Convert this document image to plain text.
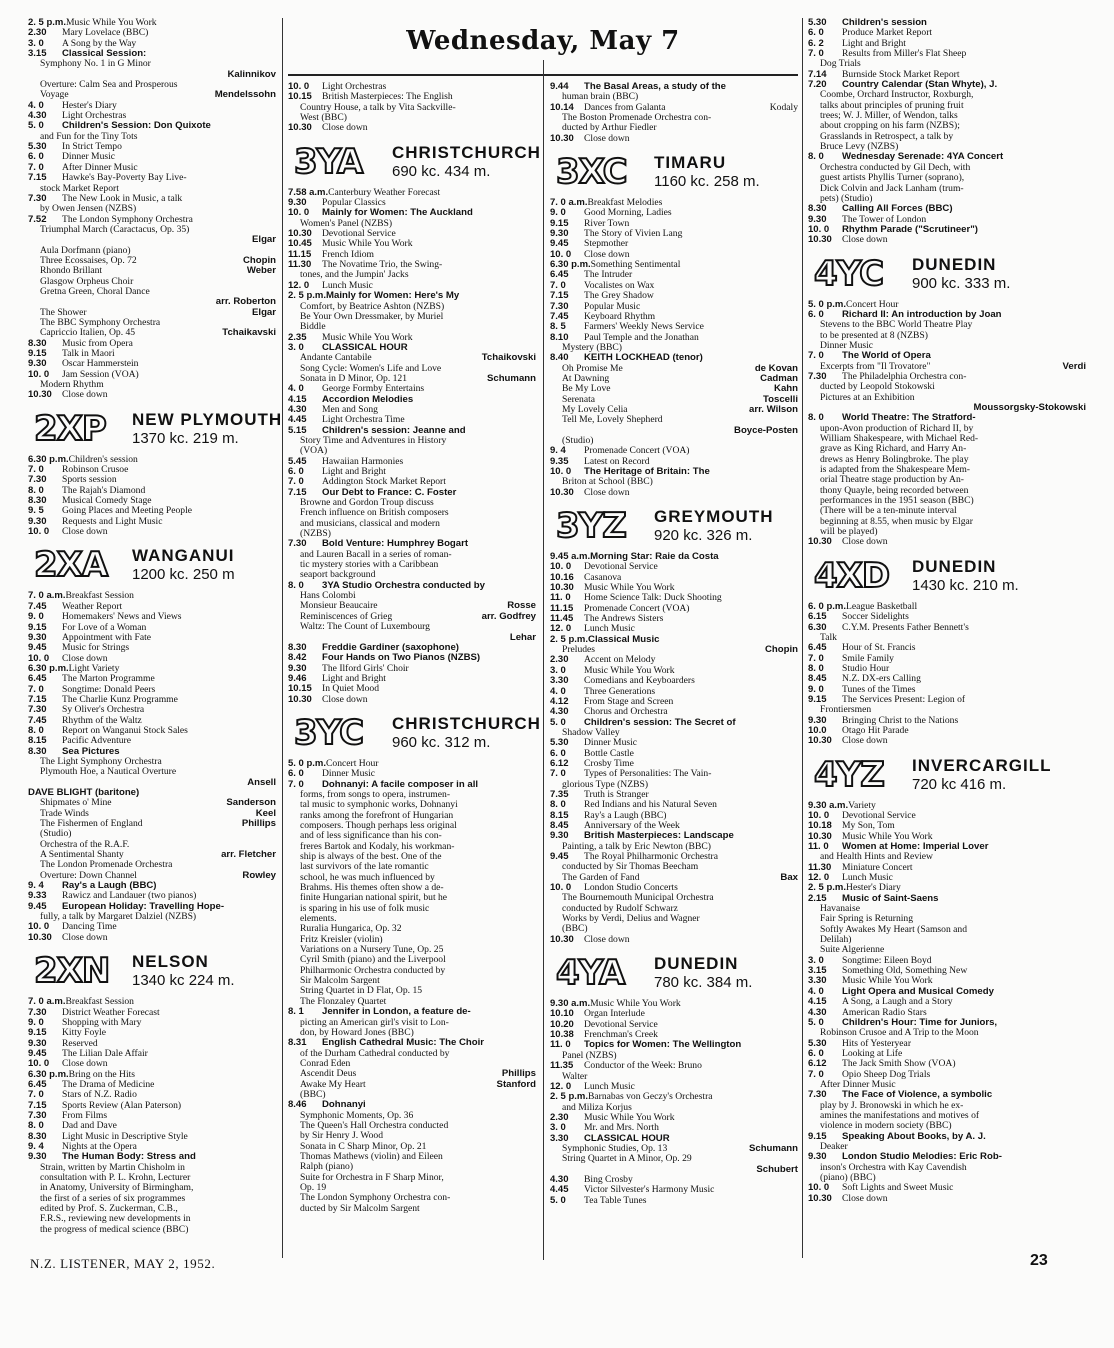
Wednesday, May 7
2. 5 p.m. Music While You Work
2.30	Mary Lovelace (BBC)
3. 0	A Song by the Way
3.15	Classical Session:
Symphony No. 1 in G Minor
Kalinnikov
Overture: Calm Sea and Prosperous
Voyage	Mendelssohn
4. 0	Hester's Diary
4.30	Light Orchestras
5. 0	Children's Session: Don Quixote
and Fun for the Tiny Tots
5.30	In Strict Tempo
6. 0	Dinner Music
7. 0	After Dinner Music
7.15	Hawke's Bay-Poverty Bay Live-
stock Market Report
7.30	The New Look in Music, a talk
by Owen Jensen (NZBS)
7.52	The London Symphony Orchestra
Triumphal March (Caractacus, Op. 35)
Elgar
Aula Dorfmann (piano)
Three Ecossaises, Op. 72	Chopin
Rhondo Brillant	Weber
Glasgow Orpheus Choir
Gretna Green, Choral Dance
arr. Roberton
The Shower	Elgar
The BBC Symphony Orchestra
Capriccio Italien, Op. 45	Tchaikavski
8.30	Music from Opera
9.15	Talk in Maori
9.30	Oscar Hammerstein
10. 0	Jam Session (VOA)
Modern Rhythm
10.30	Close down
2XP NEW PLYMOUTH
1370 kc. 219 m.
6.30 p.m. Children's session
7. 0	Robinson Crusoe
7.30	Sports session
8. 0	The Rajah's Diamond
8.30	Musical Comedy Stage
9. 5	Going Places and Meeting People
9.30	Requests and Light Music
10. 0	Close down
2XA WANGANUI
1200 kc. 250 m
7. 0 a.m. Breakfast Session
7.45	Weather Report
9. 0	Homemakers' News and Views
9.15	For Love of a Woman
9.30	Appointment with Fate
9.45	Music for Strings
10. 0	Close down
6.30 p.m. Light Variety
6.45	The Marton Programme
7. 0	Songtime: Donald Peers
7.15	The Charlie Kunz Programme
7.30	Sy Oliver's Orchestra
7.45	Rhythm of the Waltz
8. 0	Report on Wanganui Stock Sales
8.15	Pacific Adventure
8.30	Sea Pictures
The Light Symphony Orchestra
Plymouth Hoe, a Nautical Overture
Ansell
DAVE BLIGHT (baritone)
Shipmates o' Mine	Sanderson
Trade Winds	Keel
The Fishermen of England	Phillips
(Studio)
Orchestra of the R.A.F.
A Sentimental Shanty	arr. Fletcher
The London Promenade Orchestra
Overture: Down Channel	Rowley
9. 4	Ray's a Laugh (BBC)
9.33	Rawicz and Landauer (two pianos)
9.45	European Holiday: Travelling Hope-
fully, a talk by Margaret Dalziel (NZBS)
10. 0	Dancing Time
10.30	Close down
2XN NELSON
1340 kc 224 m.
7. 0 a.m. Breakfast Session
7.30	District Weather Forecast
9. 0	Shopping with Mary
9.15	Kitty Foyle
9.30	Reserved
9.45	The Lilian Dale Affair
10. 0	Close down
6.30 p.m. Bring on the Hits
6.45	The Drama of Medicine
7. 0	Stars of N.Z. Radio
7.15	Sports Review (Alan Paterson)
7.30	From Films
8. 0	Dad and Dave
8.30	Light Music in Descriptive Style
9. 4	Nights at the Opera
9.30	The Human Body: Stress and
Strain, written by Martin Chisholm in
consultation with P. L. Krohn, Lecturer
in Anatomy, University of Birmingham,
the first of a series of six programmes
edited by Prof. S. Zuckerman, C.B.,
F.R.S., reviewing new developments in
the progress of medical science (BBC)
10. 0	Light Orchestras
10.15	British Masterpieces: The English
Country House, a talk by Vita Sackville-
West (BBC)
10.30	Close down
3YA CHRISTCHURCH
690 kc. 434 m.
7.58 a.m. Canterbury Weather Forecast
9.30	Popular Classics
10. 0	Mainly for Women: The Auckland
Women's Panel (NZBS)
10.30	Devotional Service
10.45	Music While You Work
11.15	French Idiom
11.30	The Novatime Trio, the Swing-
tones, and the Jumpin' Jacks
12. 0	Lunch Music
2. 5 p.m. Mainly for Women: Here's My
Comfort, by Beatrice Ashton (NZBS)
Be Your Own Dressmaker, by Muriel
Biddle
2.35	Music While You Work
3. 0	CLASSICAL HOUR
Andante Cantabile	Tchaikovski
Song Cycle: Women's Life and Love
Sonata in D Minor, Op. 121	Schumann
4. 0	George Formby Entertains
4.15	Accordion Melodies
4.30	Men and Song
4.45	Light Orchestra Time
5.15	Children's session: Jeanne and
Story Time and Adventures in History
(VOA)
5.45	Hawaiian Harmonies
6. 0	Light and Bright
7. 0	Addington Stock Market Report
7.15	Our Debt to France: C. Foster
Browne and Gordon Troup discuss
French influence on British composers
and musicians, classical and modern
(NZBS)
7.30	Bold Venture: Humphrey Bogart
and Lauren Bacall in a series of roman-
tic mystery stories with a Caribbean
seaport background
8. 0	3YA Studio Orchestra conducted by
Hans Colombi
Monsieur Beaucaire	Rosse
Reminiscences of Grieg	arr. Godfrey
Waltz: The Count of Luxembourg
Lehar
8.30	Freddie Gardiner (saxophone)
8.42	Four Hands on Two Pianos (NZBS)
9.30	The Ilford Girls' Choir
9.46	Light and Bright
10.15	In Quiet Mood
10.30	Close down
3YC CHRISTCHURCH
960 kc. 312 m.
5. 0 p.m. Concert Hour
6. 0	Dinner Music
7. 0	Dohnanyi: A facile composer in all
forms, from songs to opera, instrumen-
tal music to symphonic works, Dohnanyi
ranks among the forefront of Hungarian
composers. Though perhaps less original
and of less significance than his con-
freres Bartok and Kodaly, his workman-
ship is always of the best. One of the
last survivors of the late romantic
school, he was much influenced by
Brahms. His themes often show a de-
finite Hungarian national spirit, but he
is sparing in his use of folk music
elements.
Ruralia Hungarica, Op. 32
Fritz Kreisler (violin)
Variations on a Nursery Tune, Op. 25
Cyril Smith (piano) and the Liverpool
Philharmonic Orchestra conducted by
Sir Malcolm Sargent
String Quartet in D Flat, Op. 15
The Flonzaley Quartet
8. 1	Jennifer in London, a feature de-
picting an American girl's visit to Lon-
don, by Howard Jones (BBC)
8.31	English Cathedral Music: The Choir
of the Durham Cathedral conducted by
Conrad Eden
Ascendit Deus	Phillips
Awake My Heart	Stanford
(BBC)
8.46	Dohnanyi
Symphonic Moments, Op. 36
The Queen's Hall Orchestra conducted
by Sir Henry J. Wood
Sonata in C Sharp Minor, Op. 21
Thomas Mathews (violin) and Eileen
Ralph (piano)
Suite for Orchestra in F Sharp Minor,
Op. 19
The London Symphony Orchestra con-
ducted by Sir Malcolm Sargent
9.44	The Basal Areas, a study of the
human brain (BBC)
10.14	Dances from Galanta	Kodaly
The Boston Promenade Orchestra con-
ducted by Arthur Fiedler
10.30	Close down
3XC TIMARU
1160 kc. 258 m.
7. 0 a.m. Breakfast Melodies
9. 0	Good Morning, Ladies
9.15	River Town
9.30	The Story of Vivien Lang
9.45	Stepmother
10. 0	Close down
6.30 p.m. Something Sentimental
6.45	The Intruder
7. 0	Vocalistes on Wax
7.15	The Grey Shadow
7.30	Popular Music
7.45	Keyboard Rhythm
8. 5	Farmers' Weekly News Service
8.10	Paul Temple and the Jonathan
Mystery (BBC)
8.40	KEITH LOCKHEAD (tenor)
Oh Promise Me	de Kovan
At Dawning	Cadman
Be My Love	Kahn
Serenata	Toscelli
My Lovely Celia	arr. Wilson
Tell Me, Lovely Shepherd
Boyce-Posten
(Studio)
9. 4	Promenade Concert (VOA)
9.35	Latest on Record
10. 0	The Heritage of Britain: The
Briton at School (BBC)
10.30	Close down
3YZ GREYMOUTH
920 kc. 326 m.
9.45 a.m. Morning Star: Raie da Costa
10. 0	Devotional Service
10.16	Casanova
10.30	Music While You Work
11. 0	Home Science Talk: Duck Shooting
11.15	Promenade Concert (VOA)
11.45	The Andrews Sisters
12. 0	Lunch Music
2. 5 p.m. Classical Music
Preludes	Chopin
2.30	Accent on Melody
3. 0	Music While You Work
3.30	Comedians and Keyboarders
4. 0	Three Generations
4.12	From Stage and Screen
4.30	Chorus and Orchestra
5. 0	Children's session: The Secret of
Shadow Valley
5.30	Dinner Music
6. 0	Bottle Castle
6.12	Crosby Time
7. 0	Types of Personalities: The Vain-
glorious Type (NZBS)
7.35	Truth is Stranger
8. 0	Red Indians and his Natural Seven
8.15	Ray's a Laugh (BBC)
8.45	Anniversary of the Week
9.30	British Masterpieces: Landscape
Painting, a talk by Eric Newton (BBC)
9.45	The Royal Philharmonic Orchestra
conducted by Sir Thomas Beecham
The Garden of Fand	Bax
10. 0	London Studio Concerts
The Bournemouth Municipal Orchestra
conducted by Rudolf Schwarz
Works by Verdi, Delius and Wagner
(BBC)
10.30	Close down
4YA DUNEDIN
780 kc. 384 m.
9.30 a.m. Music While You Work
10.10	Organ Interlude
10.20	Devotional Service
10.38	Frenchman's Creek
11. 0	Topics for Women: The Wellington
Panel (NZBS)
11.35	Conductor of the Week: Bruno
Walter
12. 0	Lunch Music
2. 5 p.m. Barnabas von Geczy's Orchestra
and Miliza Korjus
2.30	Music While You Work
3. 0	Mr. and Mrs. North
3.30	CLASSICAL HOUR
Symphonic Studies, Op. 13	Schumann
String Quartet in A Minor, Op. 29
Schubert
4.30	Bing Crosby
4.45	Victor Silvester's Harmony Music
5. 0	Tea Table Tunes
5.30	Children's session
6. 0	Produce Market Report
6. 2	Light and Bright
7. 0	Results from Miller's Flat Sheep
Dog Trials
7.14	Burnside Stock Market Report
7.20	Country Calendar (Stan Whyte), J.
Coombe, Orchard Instructor, Roxburgh,
talks about principles of pruning fruit
trees; W. J. Miller, of Wendon, talks
about cropping on his farm (NZBS);
Grasslands in Retrospect, a talk by
Bruce Levy (NZBS)
8. 0	Wednesday Serenade: 4YA Concert
Orchestra conducted by Gil Dech, with
guest artists Phyllis Turner (soprano),
Dick Colvin and Jack Lanham (trum-
pets) (Studio)
8.30	Calling All Forces (BBC)
9.30	The Tower of London
10. 0	Rhythm Parade ("Scrutineer")
10.30	Close down
4YC DUNEDIN
900 kc. 333 m.
5. 0 p.m. Concert Hour
6. 0	Richard II: An introduction by Joan
Stevens to the BBC World Theatre Play
to be presented at 8 (NZBS)
Dinner Music
7. 0	The World of Opera
Excerpts from "Il Trovatore"	Verdi
7.30	The Philadelphia Orchestra con-
ducted by Leopold Stokowski
Pictures at an Exhibition
Moussorgsky-Stokowski
8. 0	World Theatre: The Stratford-
upon-Avon production of Richard II, by
William Shakespeare, with Michael Red-
grave as King Richard, and Harry An-
drews as Henry Bolingbroke. The play
is adapted from the Shakespeare Mem-
orial Theatre stage production by An-
thony Quayle, being recorded between
performances in the 1951 season (BBC)
(There will be a ten-minute interval
beginning at 8.55, when music by Elgar
will be played)
10.30	Close down
4XD DUNEDIN
1430 kc. 210 m.
6. 0 p.m. League Basketball
6.15	Soccer Sidelights
6.30	C.Y.M. Presents Father Bennett's
Talk
6.45	Hour of St. Francis
7. 0	Smile Family
8. 0	Studio Hour
8.45	N.Z. DX-ers Calling
9. 0	Tunes of the Times
9.15	The Services Present: Legion of
Frontiersmen
9.30	Bringing Christ to the Nations
10.0	Otago Hit Parade
10.30	Close down
4YZ INVERCARGILL
720 kc 416 m.
9.30 a.m. Variety
10. 0	Devotional Service
10.18	My Son, Tom
10.30	Music While You Work
11. 0	Women at Home: Imperial Lover
and Health Hints and Review
11.30	Miniature Concert
12. 0	Lunch Music
2. 5 p.m. Hester's Diary
2.15	Music of Saint-Saens
Havanaise
Fair Spring is Returning
Softly Awakes My Heart (Samson and
Delilah)
Suite Algerienne
3. 0	Songtime: Eileen Boyd
3.15	Something Old, Something New
3.30	Music While You Work
4. 0	Light Opera and Musical Comedy
4.15	A Song, a Laugh and a Story
4.30	American Radio Stars
5. 0	Children's Hour: Time for Juniors,
Robinson Crusoe and A Trip to the Moon
5.30	Hits of Yesteryear
6. 0	Looking at Life
6.12	The Jack Smith Show (VOA)
7. 0	Opio Sheep Dog Trials
After Dinner Music
7.30	The Face of Violence, a symbolic
play by J. Bronowski in which he ex-
amines the manifestations and motives of
violence in modern society (BBC)
9.15	Speaking About Books, by A. J.
Deaker
9.30	London Studio Melodies: Eric Rob-
inson's Orchestra with Kay Cavendish
(piano) (BBC)
10. 0	Soft Lights and Sweet Music
10.30	Close down
N.Z. LISTENER, MAY 2, 1952.	23
